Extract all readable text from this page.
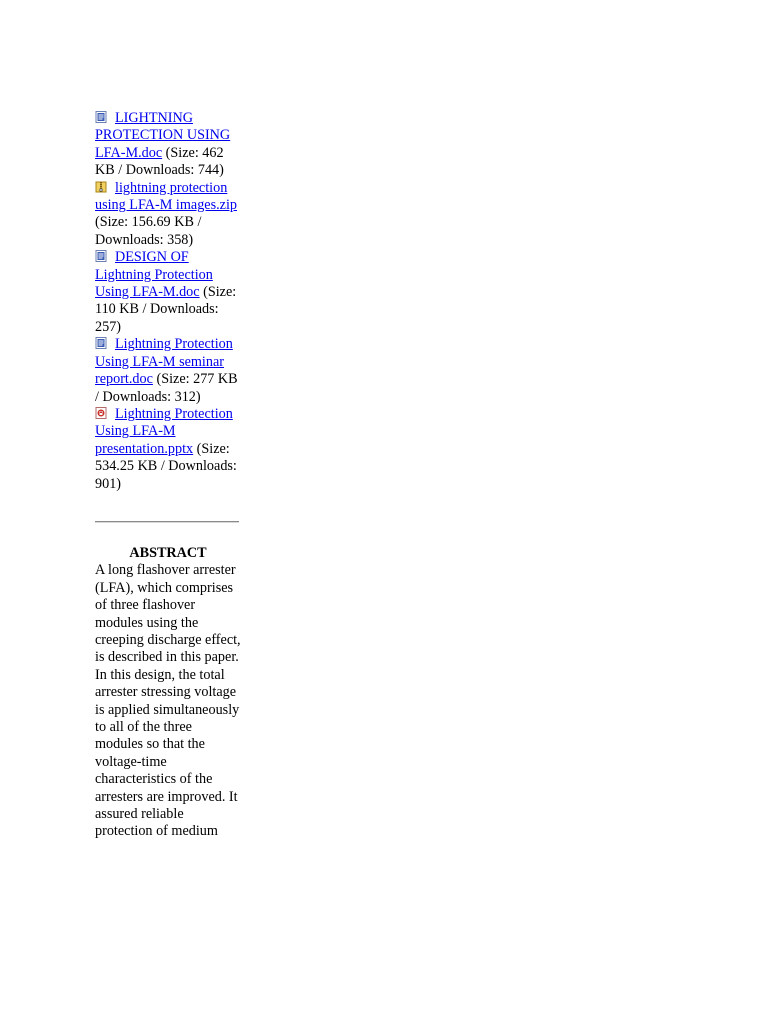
LIGHTNING PROTECTION USING LFA-M.doc (Size: 462 KB / Downloads: 744)
lightning protection using LFA-M images.zip (Size: 156.69 KB / Downloads: 358)
DESIGN OF Lightning Protection Using LFA-M.doc (Size: 110 KB / Downloads: 257)
Lightning Protection Using LFA-M seminar report.doc (Size: 277 KB / Downloads: 312)
Lightning Protection Using LFA-M presentation.pptx (Size: 534.25 KB / Downloads: 901)
ABSTRACT

A long flashover arrester (LFA), which comprises of three flashover modules using the creeping discharge effect, is described in this paper. In this design, the total arrester stressing voltage is applied simultaneously to all of the three modules so that the voltage-time characteristics of the arresters are improved. It assured reliable protection of medium
